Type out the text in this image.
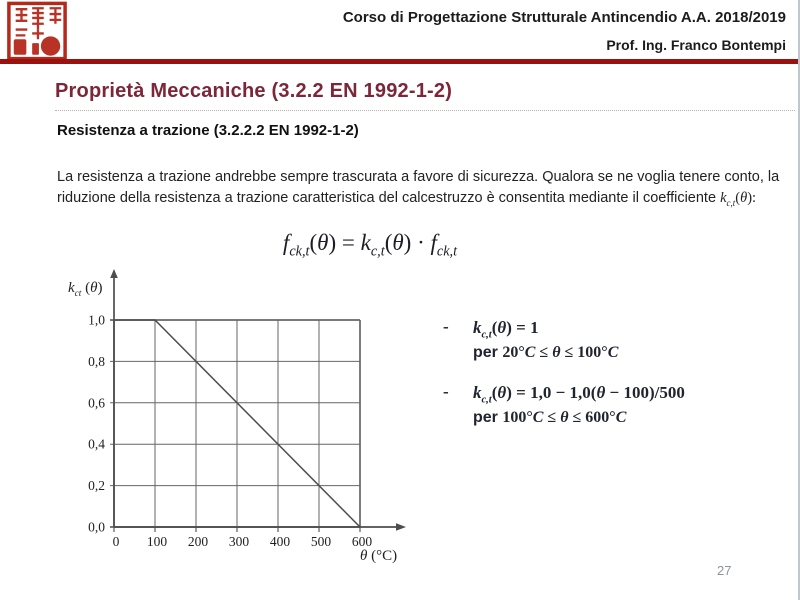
Corso di Progettazione Strutturale Antincendio A.A. 2018/2019
Prof. Ing. Franco Bontempi
Proprietà Meccaniche (3.2.2 EN 1992-1-2)
Resistenza a trazione (3.2.2.2 EN 1992-1-2)

La resistenza a trazione andrebbe sempre trascurata a favore di sicurezza. Qualora se ne voglia tenere conto, la riduzione della resistenza a trazione caratteristica del calcestruzzo è consentita mediante il coefficiente $k_{c,t}(\theta)$:

$f_{ck,t}(\theta) = k_{c,t}(\theta) \cdot f_{ck,t}$
0 100 200 300 400 500 600
0,0
0,2
0,4
0,6
0,8
1,0
$k_{ct}$ (θ)
θ (°C)
-	$k_{c,t}(\theta) = 1$
per 20°C ≤ θ ≤ 100°C
-	$k_{c,t}(\theta) = 1,0 - 1,0(\theta - 100)/500$
per 100°C ≤ θ ≤ 600°C
27
